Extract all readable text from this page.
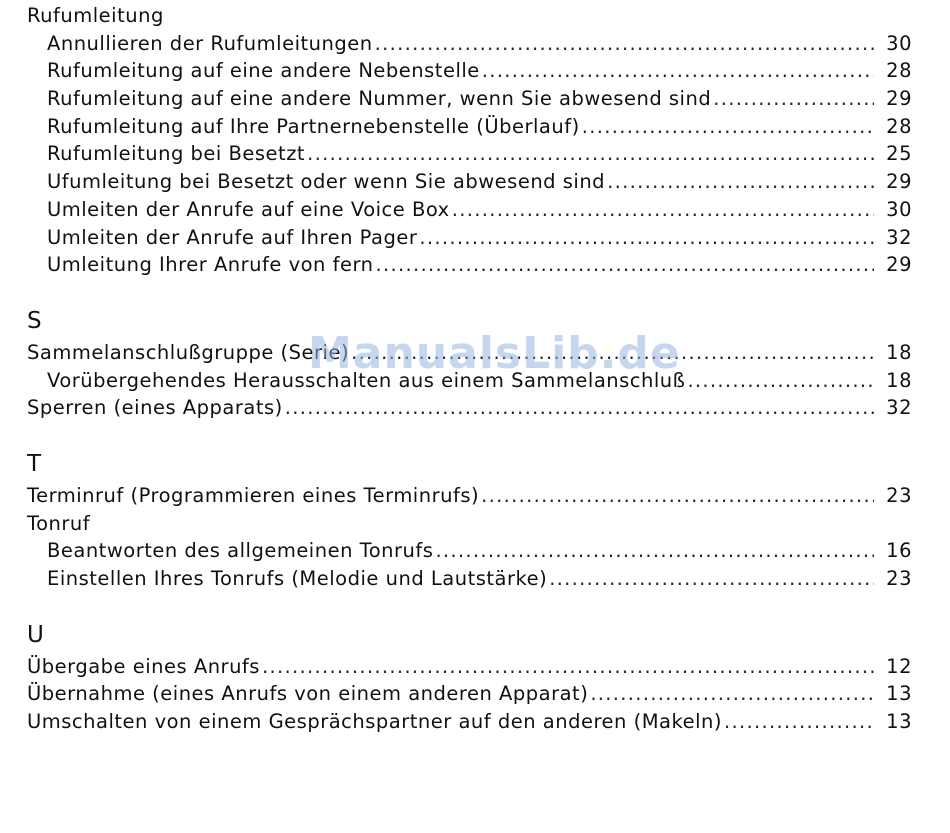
Rufumleitung
Annullieren der Rufumleitungen .....	30
Rufumleitung auf eine andere Nebenstelle .....	28
Rufumleitung auf eine andere Nummer, wenn Sie abwesend sind .....	29
Rufumleitung auf Ihre Partnernebenstelle (Überlauf) .....	28
Rufumleitung bei Besetzt .....	25
Ufumleitung bei Besetzt oder wenn Sie abwesend sind .....	29
Umleiten der Anrufe auf eine Voice Box .....	30
Umleiten der Anrufe auf Ihren Pager .....	32
Umleitung Ihrer Anrufe von fern .....	29
S
Sammelanschlußgruppe (Serie) .....	18
Vorübergehendes Herausschalten aus einem Sammelanschluß .....	18
Sperren (eines Apparats) .....	32
T
Terminruf (Programmieren eines Terminrufs) .....	23
Tonruf
Beantworten des allgemeinen Tonrufs .....	16
Einstellen Ihres Tonrufs (Melodie und Lautstärke) .....	23
U
Übergabe eines Anrufs .....	12
Übernahme (eines Anrufs von einem anderen Apparat) .....	13
Umschalten von einem Gesprächspartner auf den anderen (Makeln) .....	13
ManualsLib.de
